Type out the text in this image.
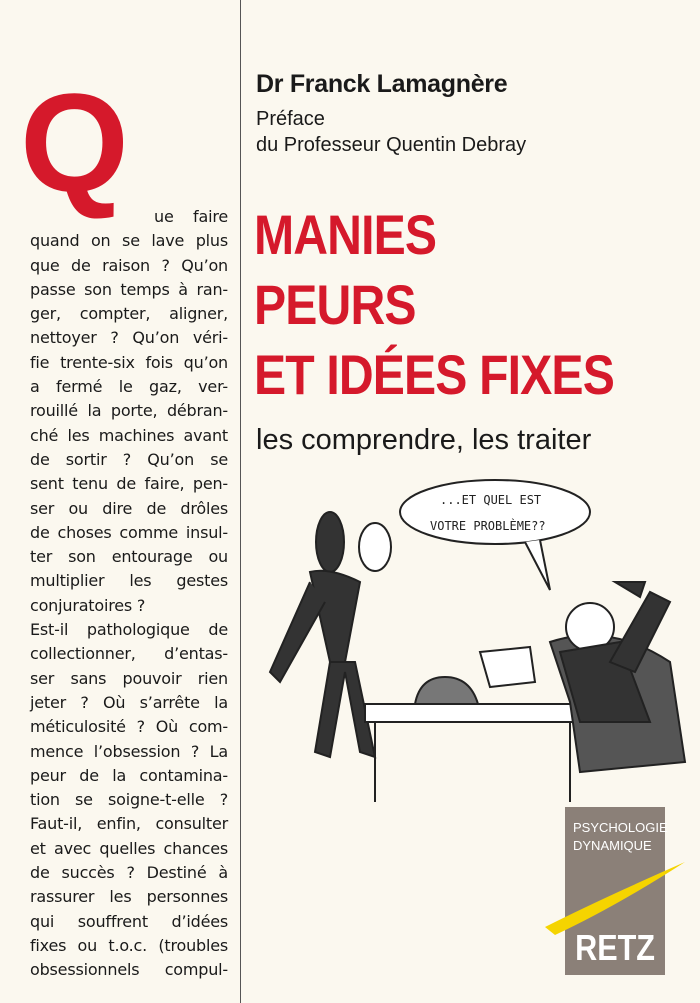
Q	ue faire
quand on se lave plus
que de raison ? Qu’on
passe son temps à ran-
ger, compter, aligner,
nettoyer ? Qu’on véri-
fie trente-six fois qu’on
a fermé le gaz, ver-
rouillé la porte, débran-
ché les machines avant
de sortir ? Qu’on se
sent tenu de faire, pen-
ser ou dire de drôles
de choses comme insul-
ter son entourage ou
multiplier les gestes
conjuratoires ?
Est-il pathologique de
collectionner, d’entas-
ser sans pouvoir rien
jeter ? Où s’arrête la
méticulosité ? Où com-
mence l’obsession ? La
peur de la contamina-
tion se soigne-t-elle ?
Faut-il, enfin, consulter
et avec quelles chances
de succès ? Destiné à
rassurer les personnes
qui souffrent d’idées
fixes ou t.o.c. (troubles
obsessionnels compul-
Dr Franck Lamagnère
Préface
du Professeur Quentin Debray
MANIES
PEURS
ET IDÉES FIXES
les comprendre, les traiter
...ET QUEL EST
VOTRE PROBLÈME??
PSYCHOLOGIE
DYNAMIQUE
RETZ
